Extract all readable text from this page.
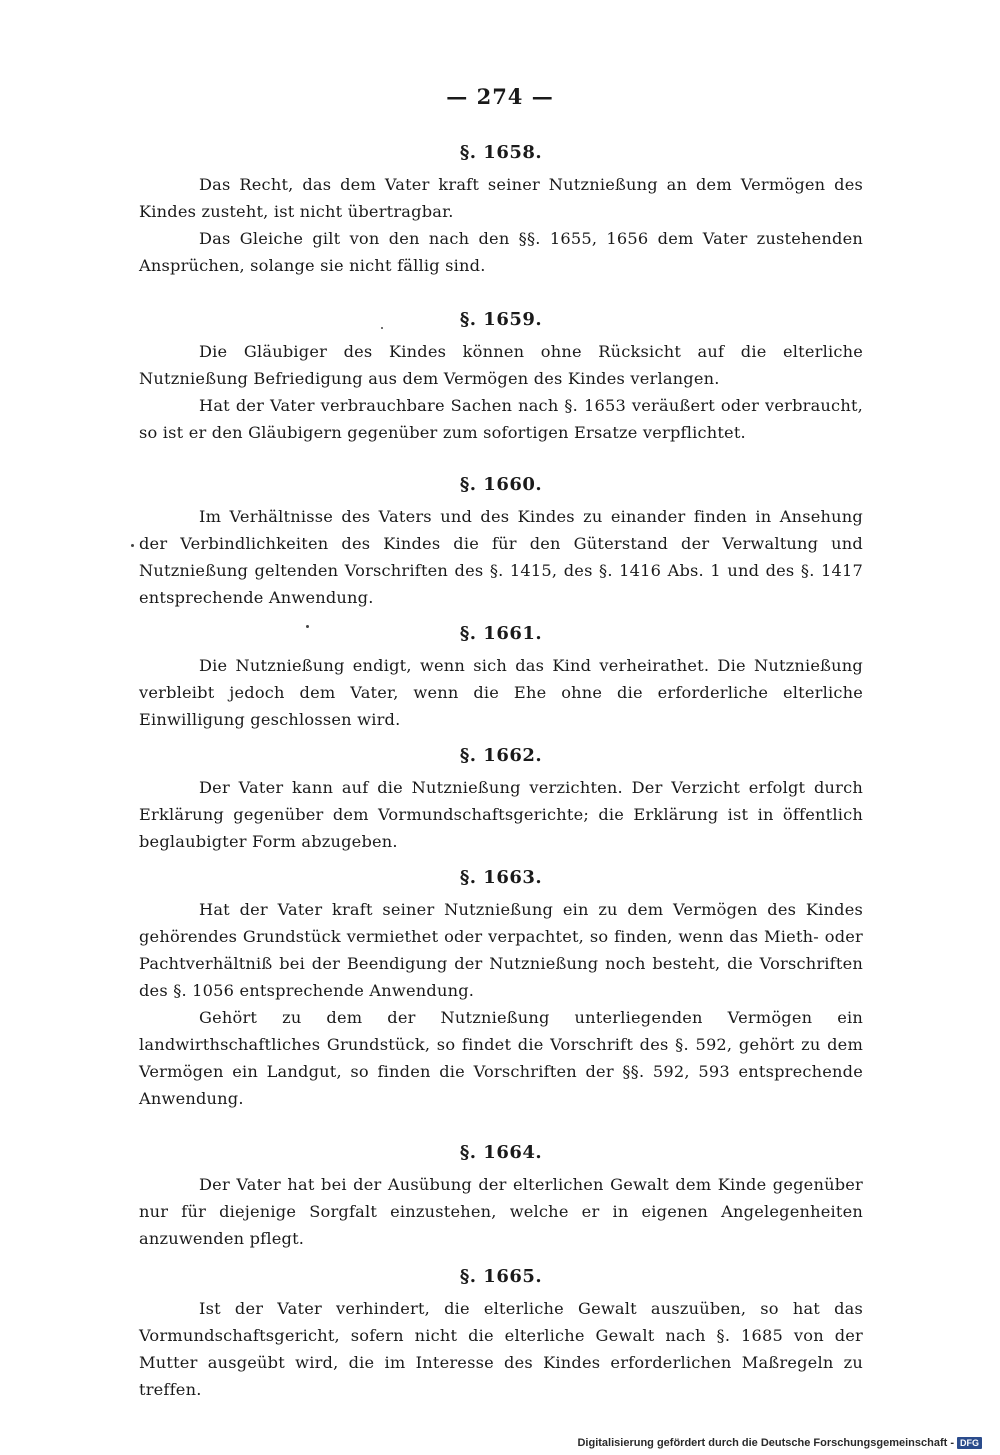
— 274 —
§. 1658.

Das Recht, das dem Vater kraft seiner Nutznießung an dem Vermögen des Kindes zusteht, ist nicht übertragbar.

Das Gleiche gilt von den nach den §§. 1655, 1656 dem Vater zustehenden Ansprüchen, solange sie nicht fällig sind.

§. 1659.

Die Gläubiger des Kindes können ohne Rücksicht auf die elterliche Nutznießung Befriedigung aus dem Vermögen des Kindes verlangen.

Hat der Vater verbrauchbare Sachen nach §. 1653 veräußert oder verbraucht, so ist er den Gläubigern gegenüber zum sofortigen Ersatze verpflichtet.

§. 1660.

Im Verhältnisse des Vaters und des Kindes zu einander finden in Ansehung der Verbindlichkeiten des Kindes die für den Güterstand der Verwaltung und Nutznießung geltenden Vorschriften des §. 1415, des §. 1416 Abs. 1 und des §. 1417 entsprechende Anwendung.

§. 1661.

Die Nutznießung endigt, wenn sich das Kind verheirathet. Die Nutznießung verbleibt jedoch dem Vater, wenn die Ehe ohne die erforderliche elterliche Einwilligung geschlossen wird.

§. 1662.

Der Vater kann auf die Nutznießung verzichten. Der Verzicht erfolgt durch Erklärung gegenüber dem Vormundschaftsgerichte; die Erklärung ist in öffentlich beglaubigter Form abzugeben.

§. 1663.

Hat der Vater kraft seiner Nutznießung ein zu dem Vermögen des Kindes gehörendes Grundstück vermiethet oder verpachtet, so finden, wenn das Mieth- oder Pachtverhältniß bei der Beendigung der Nutznießung noch besteht, die Vorschriften des §. 1056 entsprechende Anwendung.

Gehört zu dem der Nutznießung unterliegenden Vermögen ein landwirthschaftliches Grundstück, so findet die Vorschrift des §. 592, gehört zu dem Vermögen ein Landgut, so finden die Vorschriften der §§. 592, 593 entsprechende Anwendung.

§. 1664.

Der Vater hat bei der Ausübung der elterlichen Gewalt dem Kinde gegenüber nur für diejenige Sorgfalt einzustehen, welche er in eigenen Angelegenheiten anzuwenden pflegt.

§. 1665.

Ist der Vater verhindert, die elterliche Gewalt auszuüben, so hat das Vormundschaftsgericht, sofern nicht die elterliche Gewalt nach §. 1685 von der Mutter ausgeübt wird, die im Interesse des Kindes erforderlichen Maßregeln zu treffen.

Digitalisierung gefördert durch die Deutsche Forschungsgemeinschaft - DFG
